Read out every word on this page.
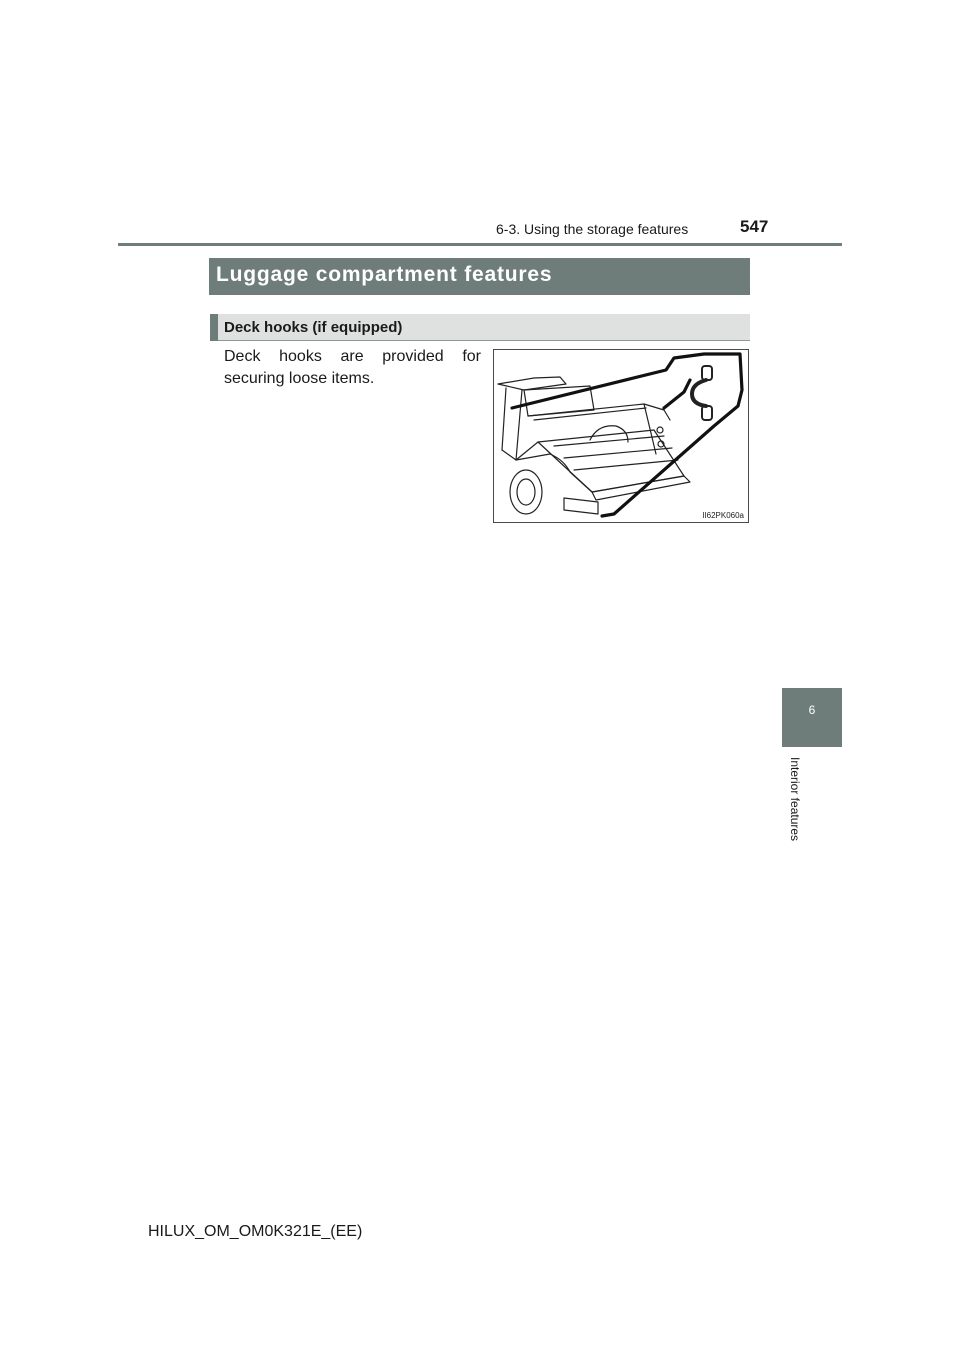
6-3. Using the storage features	547
Luggage compartment features
Deck hooks (if equipped)
Deck hooks are provided for securing loose items.
II62PK060a
6
Interior features
HILUX_OM_OM0K321E_(EE)
